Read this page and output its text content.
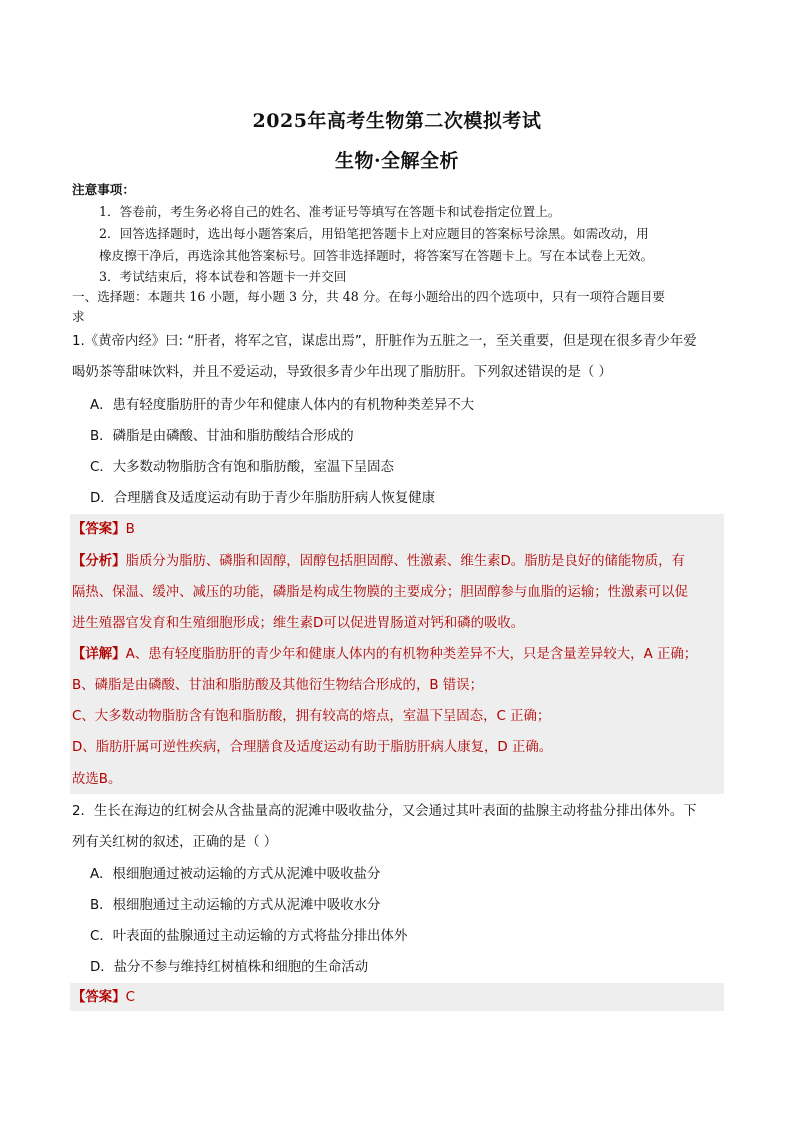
2025年高考生物第二次模拟考试
生物·全解全析
注意事项：
1．答卷前，考生务必将自己的姓名、准考证号等填写在答题卡和试卷指定位置上。
2．回答选择题时，选出每小题答案后，用铅笔把答题卡上对应题目的答案标号涂黑。如需改动，用
橡皮擦干净后，再选涂其他答案标号。回答非选择题时，将答案写在答题卡上。写在本试卷上无效。
3．考试结束后，将本试卷和答题卡一并交回
一、选择题：本题共 16 小题，每小题 3 分，共 48 分。在每小题给出的四个选项中，只有一项符合题目要
求
1.《黄帝内经》曰: “肝者，将军之官，谋虑出焉”，肝脏作为五脏之一，至关重要，但是现在很多青少年爱
喝奶茶等甜味饮料，并且不爱运动，导致很多青少年出现了脂肪肝。下列叙述错误的是（ ）
A．患有轻度脂肪肝的青少年和健康人体内的有机物种类差异不大
B．磷脂是由磷酸、甘油和脂肪酸结合形成的
C．大多数动物脂肪含有饱和脂肪酸，室温下呈固态
D．合理膳食及适度运动有助于青少年脂肪肝病人恢复健康
【答案】B
【分析】脂质分为脂肪、磷脂和固醇，固醇包括胆固醇、性激素、维生素D。脂肪是良好的储能物质，有
隔热、保温、缓冲、减压的功能，磷脂是构成生物膜的主要成分；胆固醇参与血脂的运输；性激素可以促
进生殖器官发育和生殖细胞形成；维生素D可以促进胃肠道对钙和磷的吸收。
【详解】A、患有轻度脂肪肝的青少年和健康人体内的有机物种类差异不大，只是含量差异较大，A 正确；
B、磷脂是由磷酸、甘油和脂肪酸及其他衍生物结合形成的，B 错误；
C、大多数动物脂肪含有饱和脂肪酸，拥有较高的熔点，室温下呈固态，C 正确；
D、脂肪肝属可逆性疾病，合理膳食及适度运动有助于脂肪肝病人康复，D 正确。
故选B。
2．生长在海边的红树会从含盐量高的泥滩中吸收盐分，又会通过其叶表面的盐腺主动将盐分排出体外。下
列有关红树的叙述，正确的是（ ）
A．根细胞通过被动运输的方式从泥滩中吸收盐分
B．根细胞通过主动运输的方式从泥滩中吸收水分
C．叶表面的盐腺通过主动运输的方式将盐分排出体外
D．盐分不参与维持红树植株和细胞的生命活动
【答案】C
